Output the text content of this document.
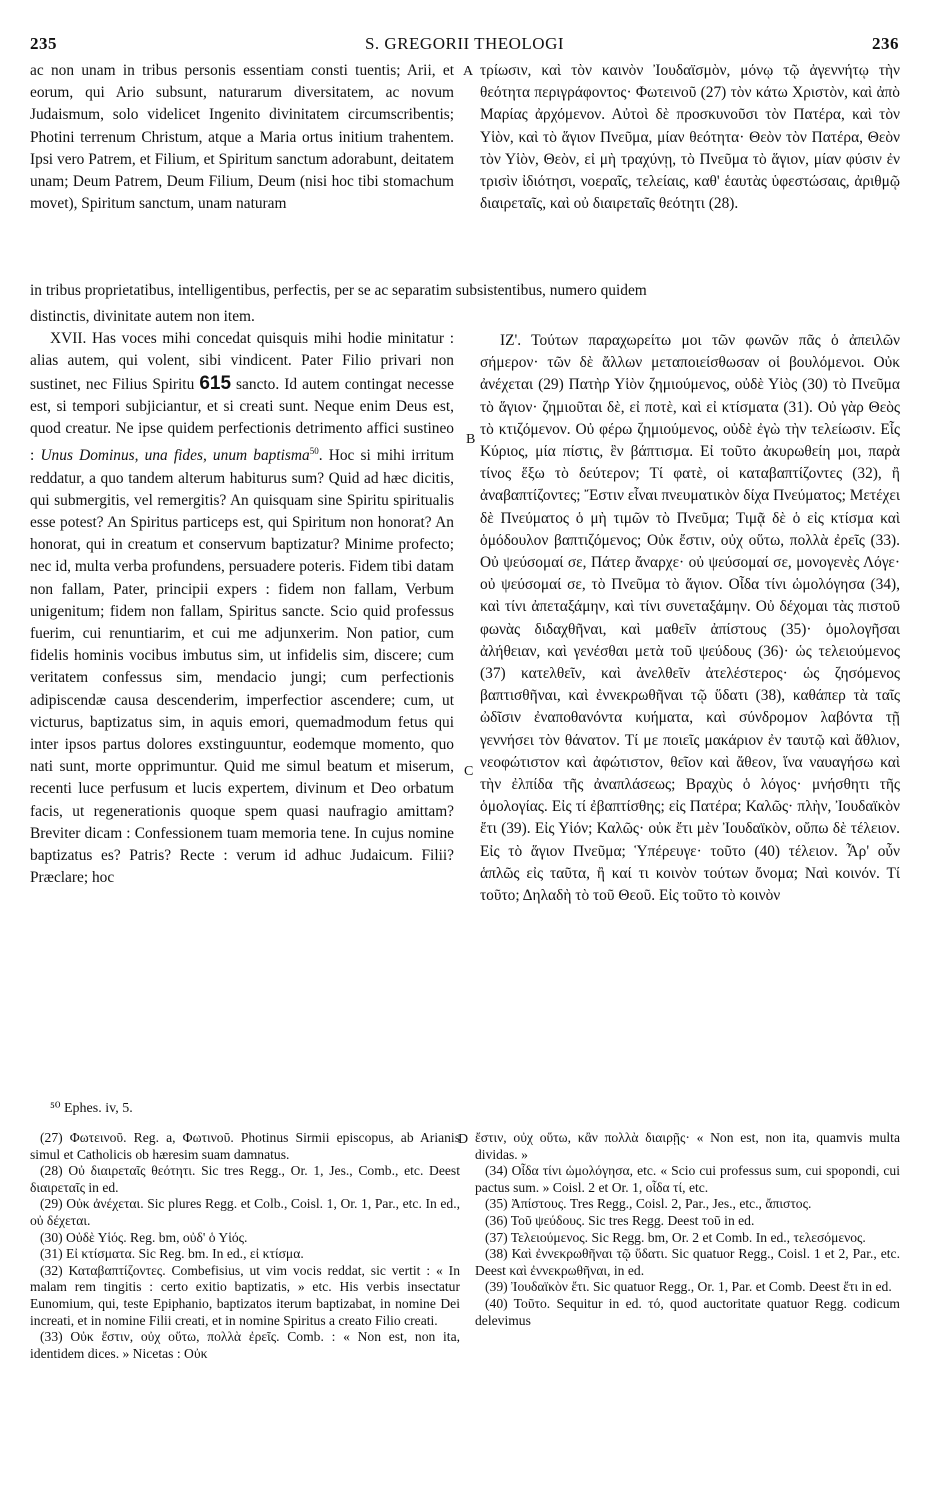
235	S. GREGORII THEOLOGI	236

ac non unam in tribus personis essentiam consti tuentis; Arii, et eorum, qui Ario subsunt, naturarum diversitatem, ac novum Judaismum, solo videlicet Ingenito divinitatem circumscribentis; Photini terrenum Christum, atque a Maria ortus initium trahentem. Ipsi vero Patrem, et Filium, et Spiritum sanctum adorabunt, deitatem unam; Deum Patrem, Deum Filium, Deum (nisi hoc tibi stomachum movet), Spiritum sanctum, unam naturam

A τρίωσιν, καὶ τὸν καινὸν Ἰουδαϊσμὸν, μόνῳ τῷ ἀγεννήτῳ τὴν θεότητα περιγράφοντος· Φωτεινοῦ (27) τὸν κάτω Χριστὸν, καὶ ἀπὸ Μαρίας ἀρχόμενον. Αὐτοὶ δὲ προσκυνοῦσι τὸν Πατέρα, καὶ τὸν Υἱὸν, καὶ τὸ ἅγιον Πνεῦμα, μίαν θεότητα· Θεὸν τὸν Πατέρα, Θεὸν τὸν Υἱὸν, Θεὸν, εἰ μὴ τραχύνῃ, τὸ Πνεῦμα τὸ ἅγιον, μίαν φύσιν ἐν τρισὶν ἰδιότησι, νοεραῖς, τελείαις, καθ' ἑαυτὰς ὑφεστώσαις, ἀριθμῷ διαιρεταῖς, καὶ οὐ διαιρεταῖς θεότητι (28).

in tribus proprietatibus, intelligentibus, perfectis, per se ac separatim subsistentibus, numero quidem

distinctis, divinitate autem non item.

XVII. Has voces mihi concedat quisquis mihi hodie minitatur : alias autem, qui volent, sibi vindicent. Pater Filio privari non sustinet, nec Filius Spiritu 615 sancto. Id autem contingat necesse est, si tempori subjiciantur, et si creati sunt. Neque enim Deus est, quod creatur. Ne ipse quidem perfectionis detrimento affici sustineo : Unus Dominus, una fides, unum baptisma$^{50}$. Hoc si mihi irritum reddatur, a quo tandem alterum habiturus sum? Quid ad hæc dicitis, qui submergitis, vel remergitis? An quisquam sine Spiritu spiritualis esse potest? An Spiritus particeps est, qui Spiritum non honorat? An honorat, qui in creatum et conservum baptizatur? Minime profecto; nec id, multa verba profundens, persuadere poteris. Fidem tibi datam non fallam, Pater, principii expers : fidem non fallam, Verbum unigenitum; fidem non fallam, Spiritus sancte. Scio quid professus fuerim, cui renuntiarim, et cui me adjunxerim. Non patior, cum fidelis hominis vocibus imbutus sim, ut infidelis sim, discere; cum veritatem confessus sim, mendacio jungi; cum perfectionis adipiscendæ causa descenderim, imperfectior ascendere; cum, ut victurus, baptizatus sim, in aquis emori, quemadmodum fetus qui inter ipsos partus dolores exstinguuntur, eodemque momento, quo nati sunt, morte opprimuntur. Quid me simul beatum et miserum, recenti luce perfusum et lucis expertem, divinum et Deo orbatum facis, ut regenerationis quoque spem quasi naufragio amittam? Breviter dicam : Confessionem tuam memoria tene. In cujus nomine baptizatus es? Patris? Recte : verum id adhuc Judaicum. Filii? Præclare; hoc

B
C

ΙΖ'. Τούτων παραχωρείτω μοι τῶν φωνῶν πᾶς ὁ ἀπειλῶν σήμερον· τῶν δὲ ἄλλων μεταποιείσθωσαν οἱ βουλόμενοι. Οὐκ ἀνέχεται (29) Πατὴρ Υἱὸν ζημιούμενος, οὐδὲ Υἱὸς (30) τὸ Πνεῦμα τὸ ἅγιον· ζημιοῦται δὲ, εἰ ποτὲ, καὶ εἰ κτίσματα (31). Οὐ γὰρ Θεὸς τὸ κτιζόμενον. Οὐ φέρω ζημιούμενος, οὐδὲ ἐγὼ τὴν τελείωσιν. Εἷς Κύριος, μία πίστις, ἓν βάπτισμα. Εἰ τοῦτο ἀκυρωθείη μοι, παρὰ τίνος ἕξω τὸ δεύτερον; Τί φατὲ, οἱ καταβαπτίζοντες (32), ἢ ἀναβαπτίζοντες; Ἔστιν εἶναι πνευματικὸν δίχα Πνεύματος; Μετέχει δὲ Πνεύματος ὁ μὴ τιμῶν τὸ Πνεῦμα; Τιμᾷ δὲ ὁ εἰς κτίσμα καὶ ὁμόδουλον βαπτιζόμενος; Οὐκ ἔστιν, οὐχ οὕτω, πολλὰ ἐρεῖς (33). Οὐ ψεύσομαί σε, Πάτερ ἄναρχε· οὐ ψεύσομαί σε, μονογενὲς Λόγε· οὐ ψεύσομαί σε, τὸ Πνεῦμα τὸ ἅγιον. Οἶδα τίνι ὡμολόγησα (34), καὶ τίνι ἀπεταξάμην, καὶ τίνι συνεταξάμην. Οὐ δέχομαι τὰς πιστοῦ φωνὰς διδαχθῆναι, καὶ μαθεῖν ἀπίστους (35)· ὁμολογῆσαι ἀλήθειαν, καὶ γενέσθαι μετὰ τοῦ ψεύδους (36)· ὡς τελειούμενος (37) κατελθεῖν, καὶ ἀνελθεῖν ἀτελέστερος· ὡς ζησόμενος βαπτισθῆναι, καὶ ἐννεκρωθῆναι τῷ ὕδατι (38), καθάπερ τὰ ταῖς ὠδῖσιν ἐναποθανόντα κυήματα, καὶ σύνδρομον λαβόντα τῇ γεννήσει τὸν θάνατον. Τί με ποιεῖς μακάριον ἐν ταυτῷ καὶ ἄθλιον, νεοφώτιστον καὶ ἀφώτιστον, θεῖον καὶ ἄθεον, ἵνα ναυαγήσω καὶ τὴν ἐλπίδα τῆς ἀναπλάσεως; Βραχὺς ὁ λόγος· μνήσθητι τῆς ὁμολογίας. Εἰς τί ἐβαπτίσθης; εἰς Πατέρα; Καλῶς· πλὴν, Ἰουδαϊκὸν ἔτι (39). Εἰς Υἱόν; Καλῶς· οὐκ ἔτι μὲν Ἰουδαϊκὸν, οὔπω δὲ τέλειον. Εἰς τὸ ἅγιον Πνεῦμα; Ὑπέρευγε· τοῦτο (40) τέλειον. Ἆρ' οὖν ἁπλῶς εἰς ταῦτα, ἢ καί τι κοινὸν τούτων ὄνομα; Ναὶ κοινόν. Τί τοῦτο; Δηλαδὴ τὸ τοῦ Θεοῦ. Εἰς τοῦτο τὸ κοινὸν

⁵⁰ Ephes. iv, 5.
D

(27) Φωτεινοῦ. Reg. a, Φωτινοῦ. Photinus Sirmii episcopus, ab Arianis simul et Catholicis ob hæresim suam damnatus.

(28) Οὐ διαιρεταῖς θεότητι. Sic tres Regg., Or. 1, Jes., Comb., etc. Deest διαιρεταῖς in ed.

(29) Οὐκ ἀνέχεται. Sic plures Regg. et Colb., Coisl. 1, Or. 1, Par., etc. In ed., οὐ δέχεται.

(30) Οὐδὲ Υἱός. Reg. bm, οὐδ' ὁ Υἱός.

(31) Εἰ κτίσματα. Sic Reg. bm. In ed., εἰ κτίσμα.

(32) Καταβαπτίζοντες. Combefisius, ut vim vocis reddat, sic vertit : « In malam rem tingitis : certo exitio baptizatis, » etc. His verbis insectatur Eunomium, qui, teste Epiphanio, baptizatos iterum baptizabat, in nomine Dei increati, et in nomine Filii creati, et in nomine Spiritus a creato Filio creati.

(33) Οὐκ ἔστιν, οὐχ οὕτω, πολλὰ ἐρεῖς. Comb. : « Non est, non ita, identidem dices. » Nicetas : Οὐκ

ἔστιν, οὐχ οὕτω, κἂν πολλὰ διαιρῇς· « Non est, non ita, quamvis multa dividas. »

(34) Οἶδα τίνι ὡμολόγησα, etc. « Scio cui professus sum, cui spopondi, cui pactus sum. » Coisl. 2 et Or. 1, οἶδα τί, etc.

(35) Ἀπίστους. Tres Regg., Coisl. 2, Par., Jes., etc., ἄπιστος.

(36) Τοῦ ψεύδους. Sic tres Regg. Deest τοῦ in ed.

(37) Τελειούμενος. Sic Regg. bm, Or. 2 et Comb. In ed., τελεσόμενος.

(38) Καὶ ἐννεκρωθῆναι τῷ ὕδατι. Sic quatuor Regg., Coisl. 1 et 2, Par., etc. Deest καὶ ἐννεκρωθῆναι, in ed.

(39) Ἰουδαϊκὸν ἔτι. Sic quatuor Regg., Or. 1, Par. et Comb. Deest ἔτι in ed.

(40) Τοῦτο. Sequitur in ed. τό, quod auctoritate quatuor Regg. codicum delevimus
